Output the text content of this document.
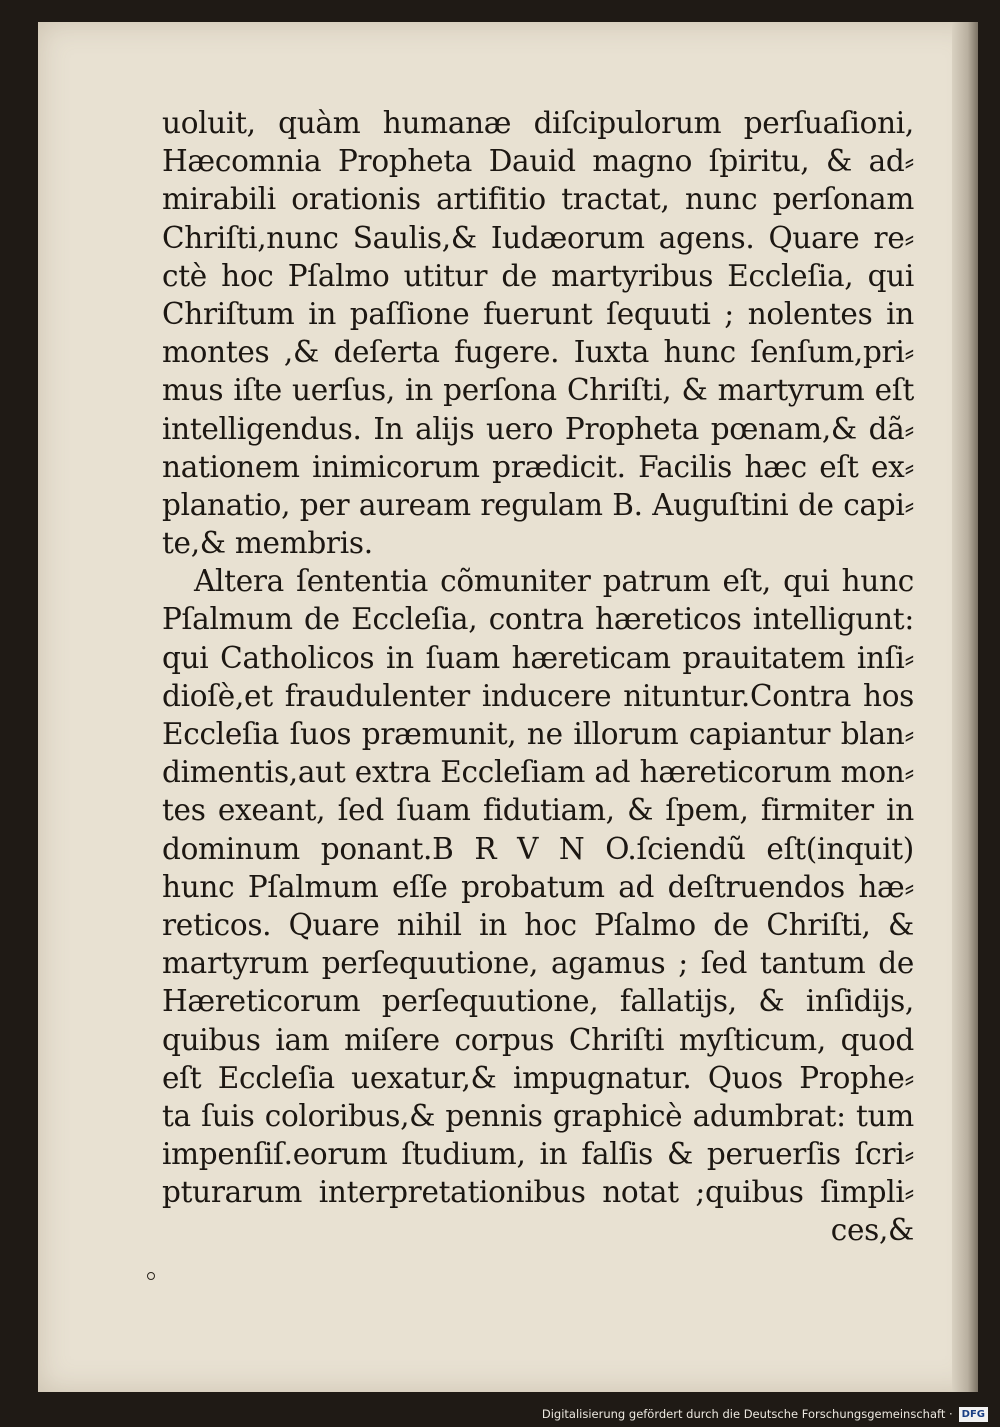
uoluit, quàm humanæ diſcipulorum perſuaſioni,
Hæcomnia Propheta Dauid magno ſpiritu, & ad⸗
mirabili orationis artifitio tractat, nunc perſonam
Chriſti,nunc Saulis,& Iudæorum agens. Quare re⸗
ctè hoc Pſalmo utitur de martyribus Eccleſia, qui
Chriſtum in paſſione fuerunt ſequuti ; nolentes in
montes ,& deſerta fugere. Iuxta hunc ſenſum,pri⸗
mus iſte uerſus, in perſona Chriſti, & martyrum eſt
intelligendus. In alijs uero Propheta pœnam,& dã⸗
nationem inimicorum prædicit. Facilis hæc eſt ex⸗
planatio, per auream regulam B. Auguſtini de capi⸗
te,& membris.
Altera ſententia cõmuniter patrum eſt, qui hunc
Pſalmum de Eccleſia, contra hæreticos intelligunt:
qui Catholicos in ſuam hæreticam prauitatem inſi⸗
dioſè,et fraudulenter inducere nituntur.Contra hos
Eccleſia ſuos præmunit, ne illorum capiantur blan⸗
dimentis,aut extra Eccleſiam ad hæreticorum mon⸗
tes exeant, ſed ſuam fidutiam, & ſpem, firmiter in
dominum ponant.B R V N O.ſciendũ eſt(inquit)
hunc Pſalmum eſſe probatum ad deſtruendos hæ⸗
reticos. Quare nihil in hoc Pſalmo de Chriſti, &
martyrum perſequutione, agamus ; ſed tantum de
Hæreticorum perſequutione, fallatijs, & inſidijs,
quibus iam miſere corpus Chriſti myſticum, quod
eſt Eccleſia uexatur,& impugnatur. Quos Prophe⸗
ta ſuis coloribus,& pennis graphicè adumbrat: tum
impenſiſ.eorum ſtudium, in falſis & peruerſis ſcri⸗
pturarum interpretationibus notat ;quibus ſimpli⸗
ces,&
Digitalisierung gefördert durch die Deutsche Forschungsgemeinschaft · DFG
